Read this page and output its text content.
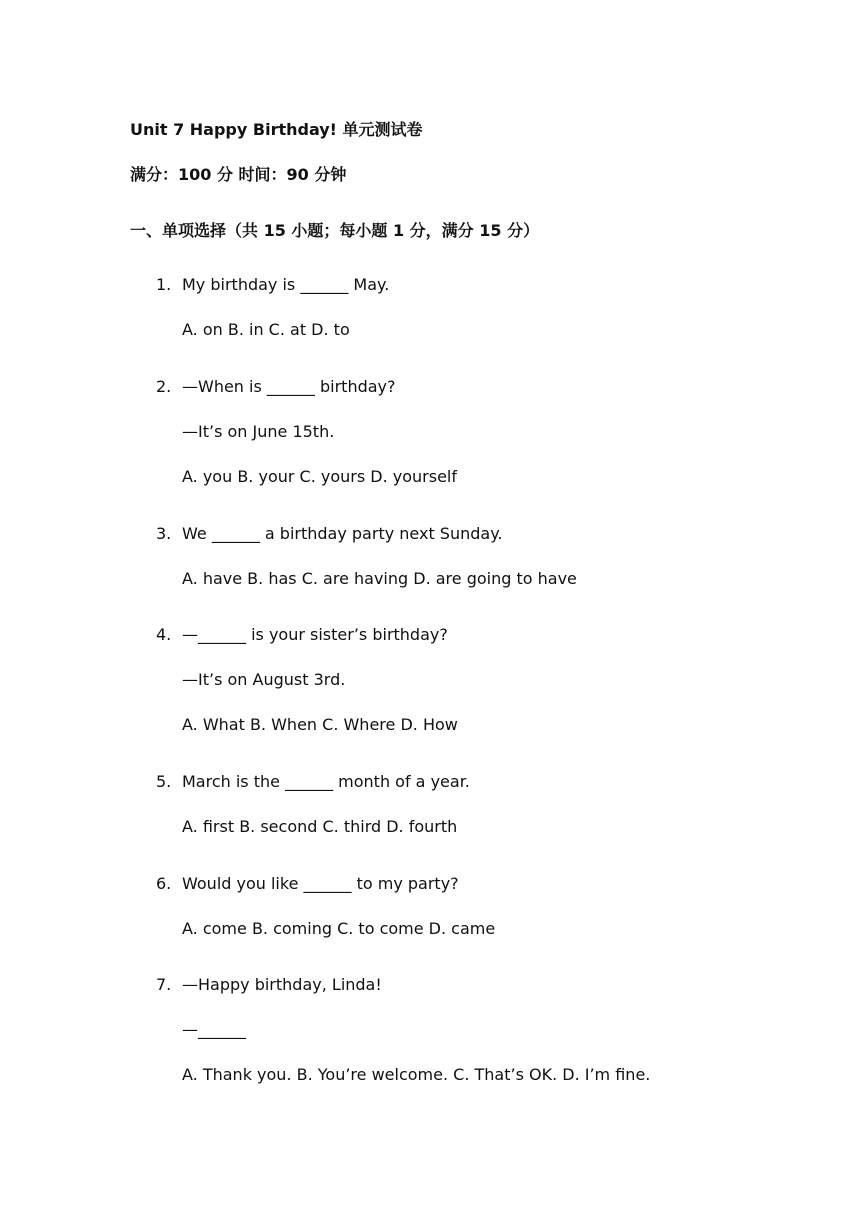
Unit 7 Happy Birthday! 单元测试卷
满分：100 分 时间：90 分钟
一、单项选择（共 15 小题；每小题 1 分，满分 15 分）
1. My birthday is ______ May.
A. on B. in C. at D. to
2. —When is ______ birthday?
—It’s on June 15th.
A. you B. your C. yours D. yourself
3. We ______ a birthday party next Sunday.
A. have B. has C. are having D. are going to have
4. —______ is your sister’s birthday?
—It’s on August 3rd.
A. What B. When C. Where D. How
5. March is the ______ month of a year.
A. first B. second C. third D. fourth
6. Would you like ______ to my party?
A. come B. coming C. to come D. came
7. —Happy birthday, Linda!
—______
A. Thank you. B. You’re welcome. C. That’s OK. D. I’m fine.
